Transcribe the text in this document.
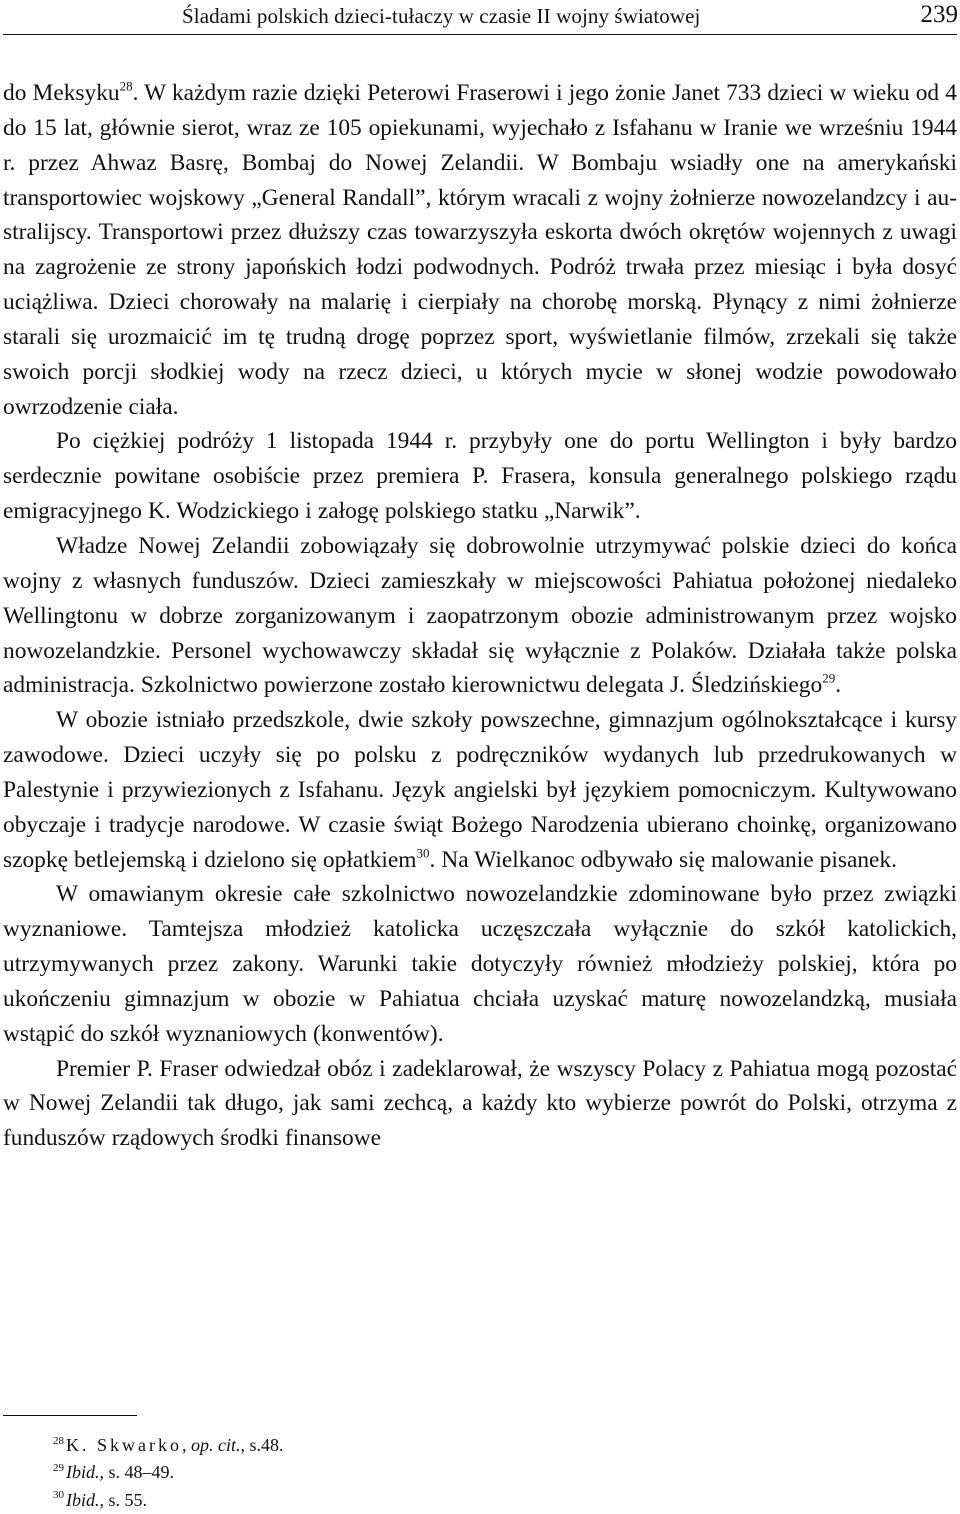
Śladami polskich dzieci-tułaczy w czasie II wojny światowej	239

do Meksyku$^{28}$. W każdym razie dzięki Peterowi Fraserowi i jego żonie Janet 733 dzieci w wieku od 4 do 15 lat, głównie sierot, wraz ze 105 opiekunami, wyjechało z Isfahanu w Iranie we wrześniu 1944 r. przez Ahwaz Basrę, Bombaj do Nowej Zelandii. W Bombaju wsiadły one na amerykański transportowiec wojskowy „General Randall”, którym wracali z wojny żołnierze nowozelandzcy i australijscy. Transportowi przez dłuższy czas towarzyszyła eskorta dwóch okrętów wojennych z uwagi na zagrożenie ze strony japońskich łodzi podwodnych. Podróż trwała przez miesiąc i była dosyć uciążliwa. Dzieci chorowały na malarię i cierpiały na chorobę morską. Płynący z nimi żołnierze starali się urozmaicić im tę trudną drogę poprzez sport, wyświetlanie filmów, zrzekali się także swoich porcji słodkiej wody na rzecz dzieci, u których mycie w słonej wodzie powodowało owrzodzenie ciała.

Po ciężkiej podróży 1 listopada 1944 r. przybyły one do portu Wellington i były bardzo serdecznie powitane osobiście przez premiera P. Frasera, konsula generalnego polskiego rządu emigracyjnego K. Wodzickiego i załogę polskiego statku „Narwik”.

Władze Nowej Zelandii zobowiązały się dobrowolnie utrzymywać polskie dzieci do końca wojny z własnych funduszów. Dzieci zamieszkały w miejscowości Pahiatua położonej niedaleko Wellingtonu w dobrze zorganizowanym i zaopatrzonym obozie administrowanym przez wojsko nowozelandzkie. Personel wychowawczy składał się wyłącznie z Polaków. Działała także polska administracja. Szkolnictwo powierzone zostało kierownictwu delegata J. Śledzińskiego$^{29}$.

W obozie istniało przedszkole, dwie szkoły powszechne, gimnazjum ogólnokształcące i kursy zawodowe. Dzieci uczyły się po polsku z podręczników wydanych lub przedrukowanych w Palestynie i przywiezionych z Isfahanu. Język angielski był językiem pomocniczym. Kultywowano obyczaje i tradycje narodowe. W czasie świąt Bożego Narodzenia ubierano choinkę, organizowano szopkę betlejemską i dzielono się opłatkiem$^{30}$. Na Wielkanoc odbywało się malowanie pisanek.

W omawianym okresie całe szkolnictwo nowozelandzkie zdominowane było przez związki wyznaniowe. Tamtejsza młodzież katolicka uczęszczała wyłącznie do szkół katolickich, utrzymywanych przez zakony. Warunki takie dotyczyły również młodzieży polskiej, która po ukończeniu gimnazjum w obozie w Pahiatua chciała uzyskać maturę nowozelandzką, musiała wstąpić do szkół wyznaniowych (konwentów).

Premier P. Fraser odwiedzał obóz i zadeklarował, że wszyscy Polacy z Pahiatua mogą pozostać w Nowej Zelandii tak długo, jak sami zechcą, a każdy kto wybierze powrót do Polski, otrzyma z funduszów rządowych środki finansowe

$^{28}$ K. Skwarko, op. cit., s.48.

$^{29}$ Ibid., s. 48–49.

$^{30}$ Ibid., s. 55.
